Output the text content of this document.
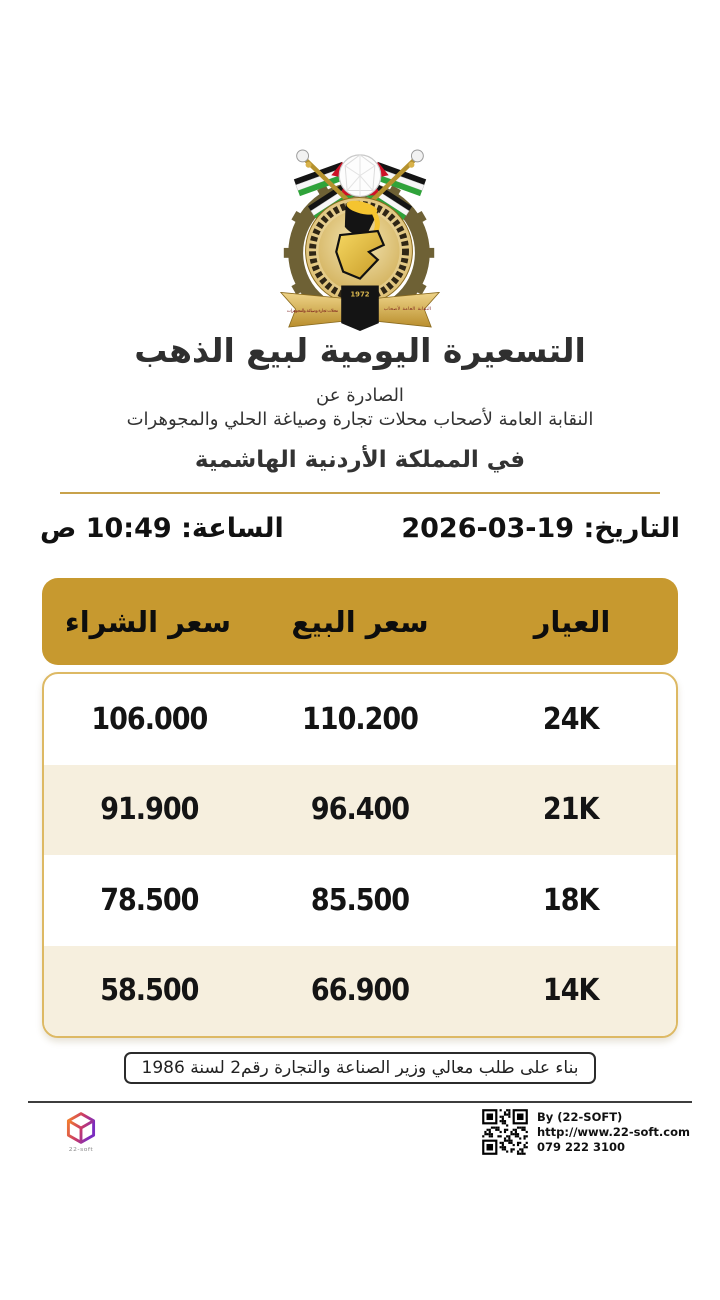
1972
النقابة العامة لأصحاب
محلات تجارة وصياغة والمجوهرات
التسعيرة اليومية لبيع الذهب
الصادرة عن
النقابة العامة لأصحاب محلات تجارة وصياغة الحلي والمجوهرات
في المملكة الأردنية الهاشمية
التاريخ: 19-03-2026
الساعة: 10:49 ص
العيار
سعر البيع
سعر الشراء
24K
110.200
106.000
21K
96.400
91.900
18K
85.500
78.500
14K
66.900
58.500
بناء على طلب معالي وزير الصناعة والتجارة رقم2 لسنة 1986
By (22-SOFT)
http://www.22-soft.com
079 222 3100
22-soft
